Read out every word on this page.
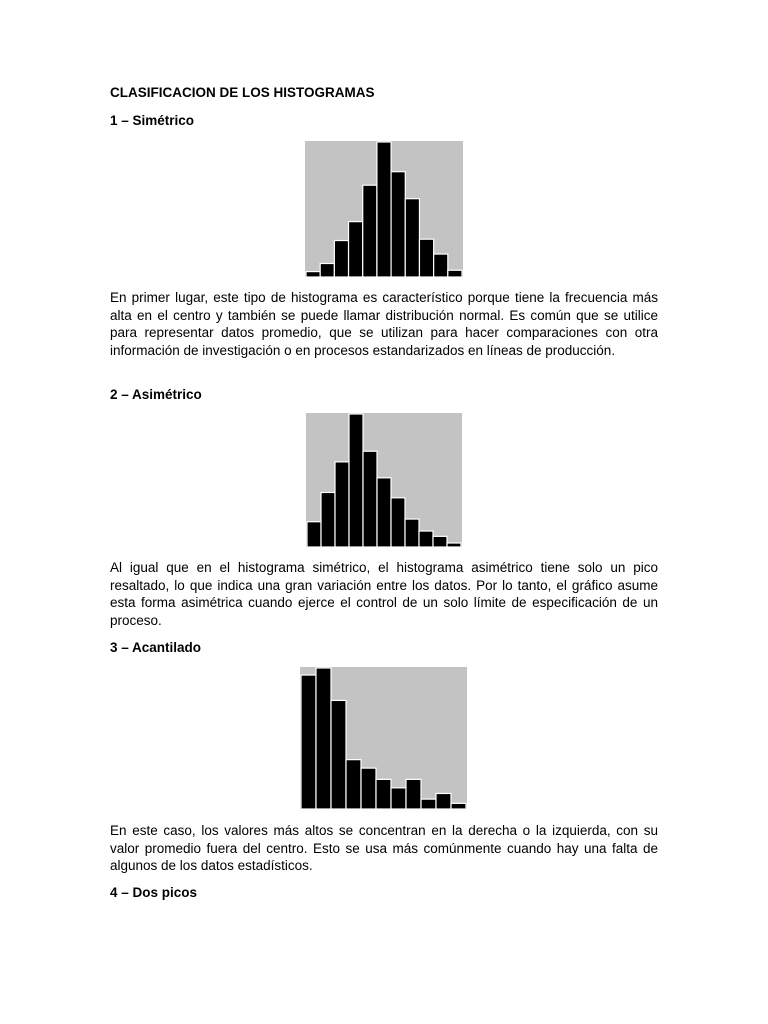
CLASIFICACION DE LOS HISTOGRAMAS
1 – Simétrico
En primer lugar, este tipo de histograma es característico porque tiene la frecuencia más alta en el centro y también se puede llamar distribución normal. Es común que se utilice para representar datos promedio, que se utilizan para hacer comparaciones con otra información de investigación o en procesos estandarizados en líneas de producción.
2 – Asimétrico
Al igual que en el histograma simétrico, el histograma asimétrico tiene solo un pico resaltado, lo que indica una gran variación entre los datos. Por lo tanto, el gráfico asume esta forma asimétrica cuando ejerce el control de un solo límite de especificación de un proceso.
3 – Acantilado
En este caso, los valores más altos se concentran en la derecha o la izquierda, con su valor promedio fuera del centro. Esto se usa más comúnmente cuando hay una falta de algunos de los datos estadísticos.
4 – Dos picos
